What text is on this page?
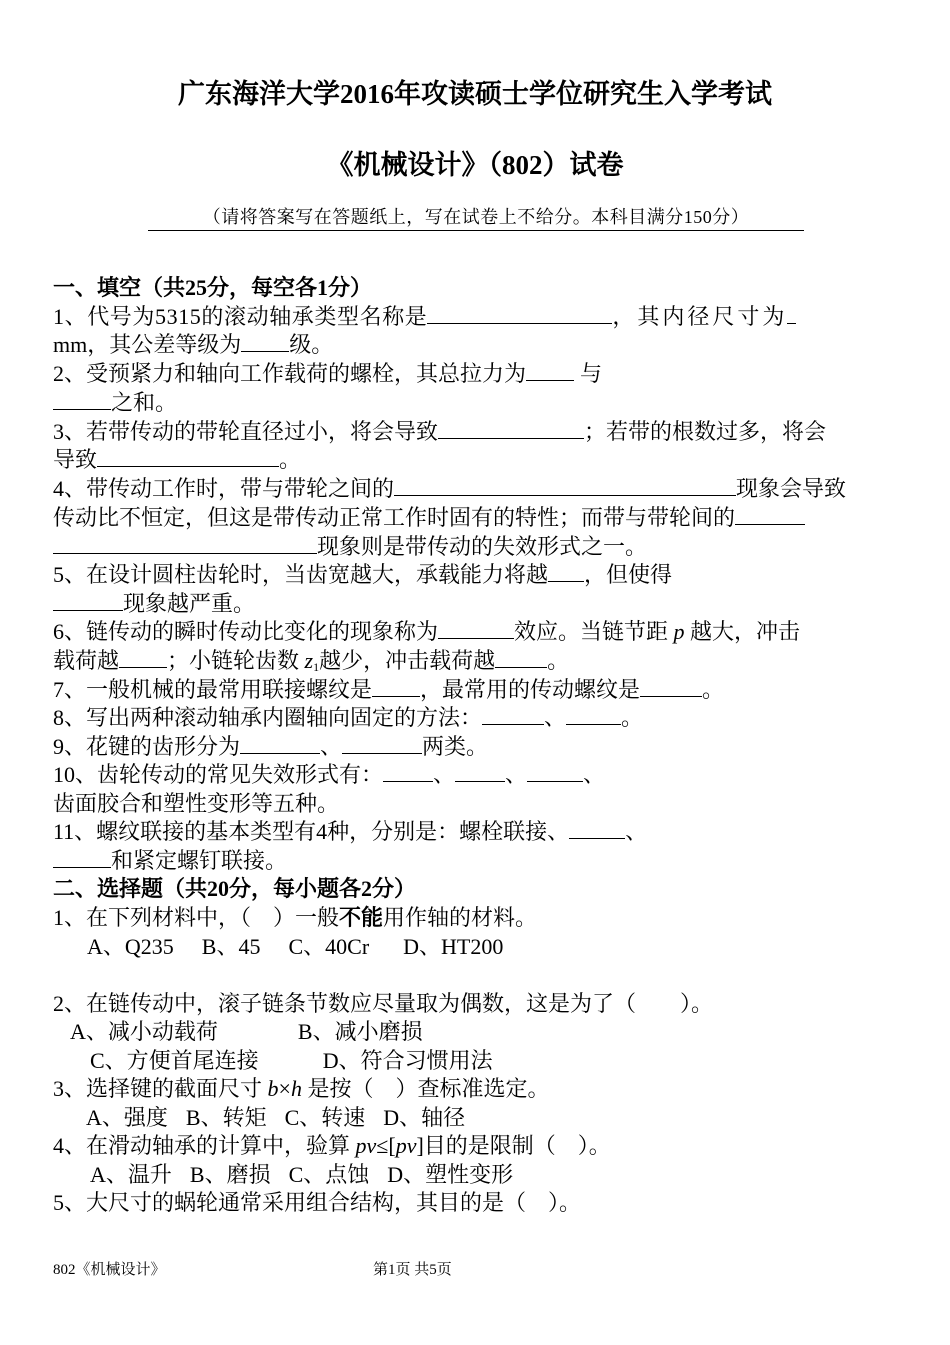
广东海洋大学2016年攻读硕士学位研究生入学考试
《机械设计》（802）试卷
（请将答案写在答题纸上，写在试卷上不给分。本科目满分150分）
一、填空（共25分，每空各1分）
1、代号为5315的滚动轴承类型名称是	，其内径尺寸为
mm，其公差等级为 级。
2、受预紧力和轴向工作载荷的螺栓，其总拉力为 与
之和。
3、若带传动的带轮直径过小，将会导致	；若带的根数过多，将会
导致	。
4、带传动工作时，带与带轮之间的	现象会导致
传动比不恒定，但这是带传动正常工作时固有的特性；而带与带轮间的
现象则是带传动的失效形式之一。
5、在设计圆柱齿轮时，当齿宽越大，承载能力将越 ，但使得
现象越严重。
6、链传动的瞬时传动比变化的现象称为	效应。当链节距 p 越大，冲击
载荷越 ；小链轮齿数 $z_1$越少，冲击载荷越 。
7、一般机械的最常用联接螺纹是 ，最常用的传动螺纹是	。
8、写出两种滚动轴承内圈轴向固定的方法：	、	。
9、花键的齿形分为	、	两类。
10、齿轮传动的常见失效形式有： 、 、	、
齿面胶合和塑性变形等五种。
11、螺纹联接的基本类型有4种，分别是：螺栓联接、	、
和紧定螺钉联接。
二、选择题（共20分，每小题各2分）
1、在下列材料中，（　）一般不能用作轴的材料。
A、Q235 B、45 C、40Cr D、HT200
2、在链传动中，滚子链条节数应尽量取为偶数，这是为了（　　）。
A、减小动载荷	B、减小磨损
C、方便首尾连接	D、符合习惯用法
3、选择键的截面尺寸 b×h 是按（　）查标准选定。
A、强度 B、转矩 C、转速 D、轴径
4、在滑动轴承的计算中，验算 pv≤[pv]目的是限制（　）。
A、温升 B、磨损 C、点蚀 D、塑性变形
5、大尺寸的蜗轮通常采用组合结构，其目的是（　）。
802《机械设计》	第1页 共5页
